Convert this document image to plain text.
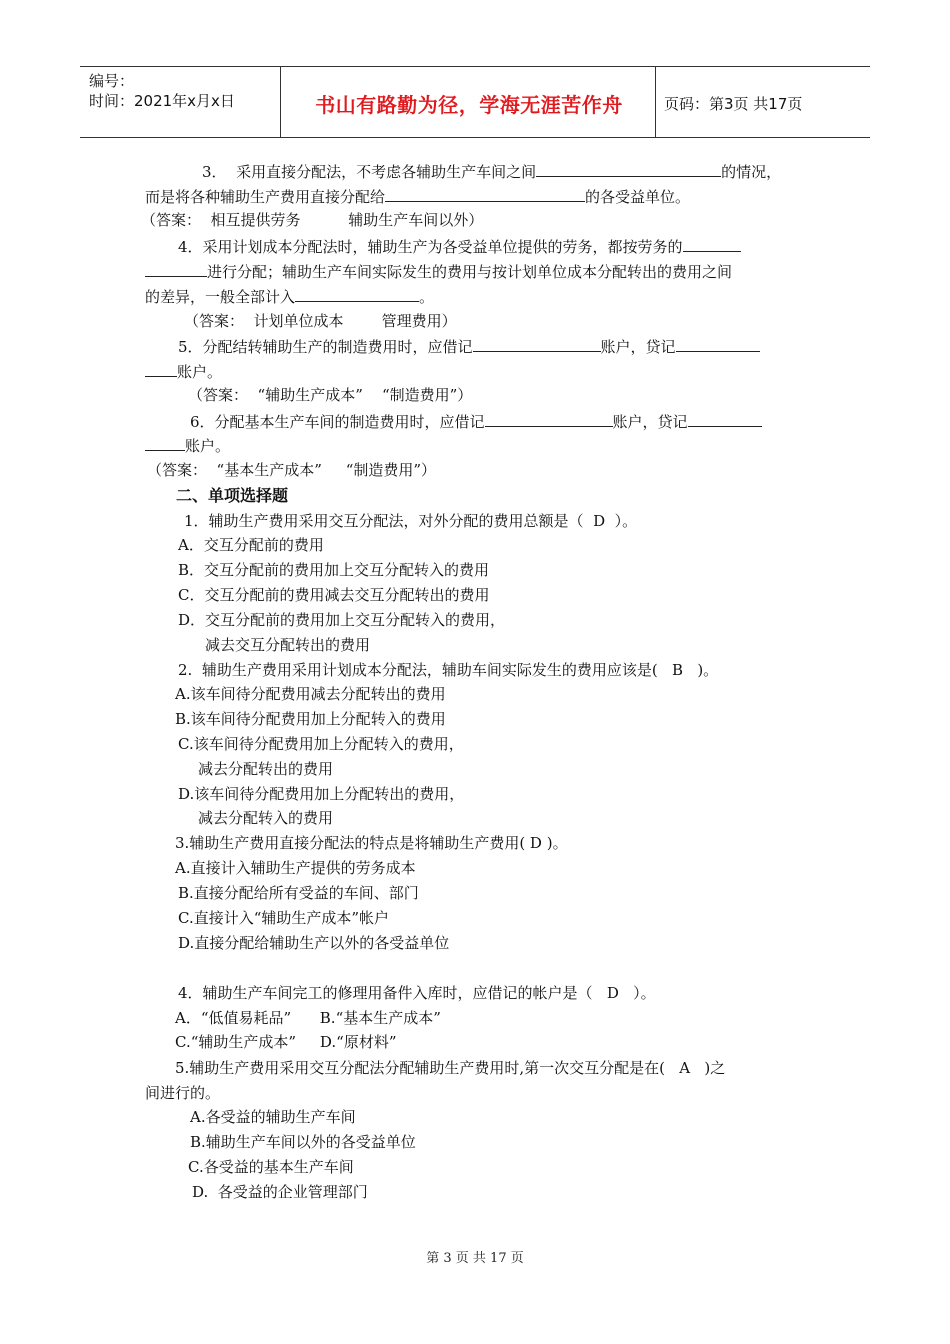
编号：
时间：2021年x月x日	书山有路勤为径，学海无涯苦作舟	页码：第3页 共17页
3．  采用直接分配法，不考虑各辅助生产车间之间	的情况，
而是将各种辅助生产费用直接分配给	的各受益单位。
（答案：  相互提供劳务          辅助生产车间以外）
4．采用计划成本分配法时，辅助生产为各受益单位提供的劳务，都按劳务的
进行分配；辅助生产车间实际发生的费用与按计划单位成本分配转出的费用之间
的差异，一般全部计入	。
（答案：  计划单位成本        管理费用）
5．分配结转辅助生产的制造费用时，应借记	账户，贷记
账户。
（答案：  “辅助生产成本”    “制造费用”）
6．分配基本生产车间的制造费用时，应借记	账户，贷记
账户。
（答案：  “基本生产成本”     “制造费用”）
二、单项选择题
1．辅助生产费用采用交互分配法，对外分配的费用总额是（  D  ）。
A．交互分配前的费用
B．交互分配前的费用加上交互分配转入的费用
C．交互分配前的费用减去交互分配转出的费用
D．交互分配前的费用加上交互分配转入的费用，
减去交互分配转出的费用
2.  辅助生产费用采用计划成本分配法，辅助车间实际发生的费用应该是(   B   )。
A.该车间待分配费用减去分配转出的费用
B.该车间待分配费用加上分配转入的费用
C.该车间待分配费用加上分配转入的费用，
减去分配转出的费用
D.该车间待分配费用加上分配转出的费用，
减去分配转入的费用
3.辅助生产费用直接分配法的特点是将辅助生产费用( D )。
A.直接计入辅助生产提供的劳务成本
B.直接分配给所有受益的车间、部门
C.直接计入“辅助生产成本”帐户
D.直接分配给辅助生产以外的各受益单位
4．辅助生产车间完工的修理用备件入库时，应借记的帐户是（   D   ）。
A．“低值易耗品”      B.“基本生产成本”
C.“辅助生产成本”     D.“原材料”
5.辅助生产费用采用交互分配法分配辅助生产费用时,第一次交互分配是在(   A   )之
间进行的。
A.各受益的辅助生产车间
B.辅助生产车间以外的各受益单位
C.各受益的基本生产车间
D.  各受益的企业管理部门
第 3 页 共 17 页
